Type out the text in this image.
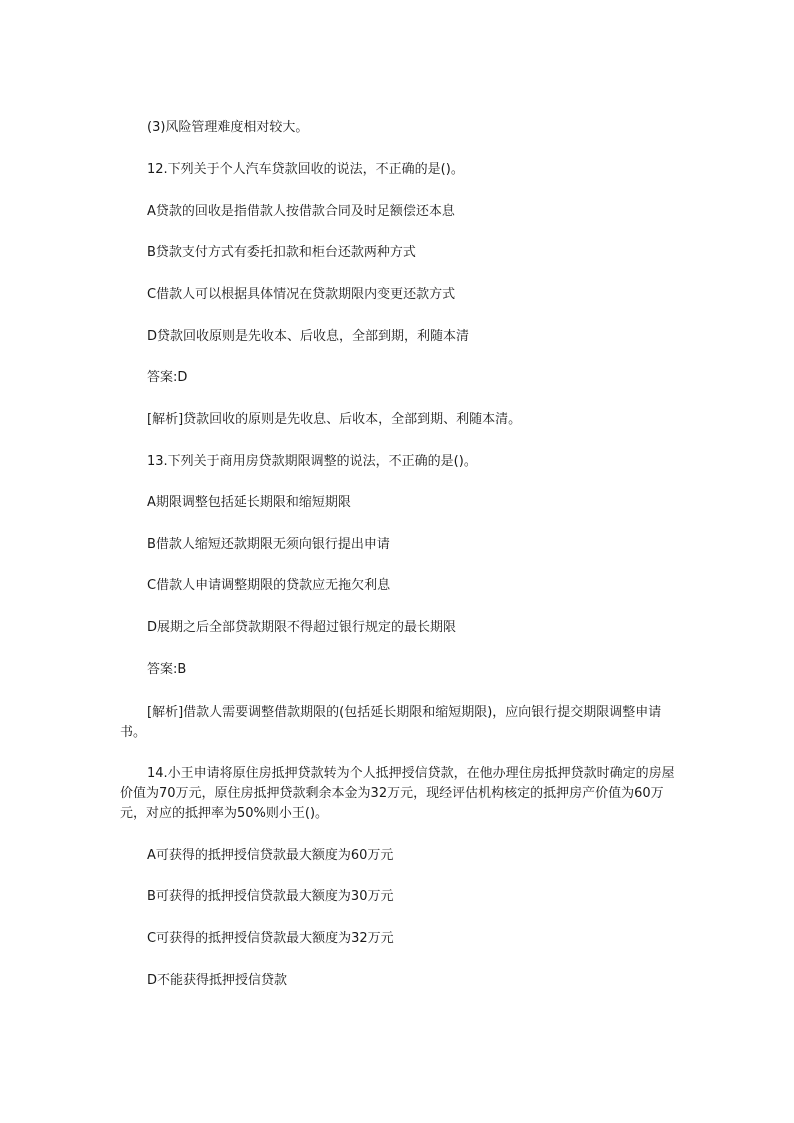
(3)风险管理难度相对较大。
12.下列关于个人汽车贷款回收的说法，不正确的是()。
A贷款的回收是指借款人按借款合同及时足额偿还本息
B贷款支付方式有委托扣款和柜台还款两种方式
C借款人可以根据具体情况在贷款期限内变更还款方式
D贷款回收原则是先收本、后收息，全部到期，利随本清
答案:D
[解析]贷款回收的原则是先收息、后收本，全部到期、利随本清。
13.下列关于商用房贷款期限调整的说法，不正确的是()。
A期限调整包括延长期限和缩短期限
B借款人缩短还款期限无须向银行提出申请
C借款人申请调整期限的贷款应无拖欠利息
D展期之后全部贷款期限不得超过银行规定的最长期限
答案:B
[解析]借款人需要调整借款期限的(包括延长期限和缩短期限)，应向银行提交期限调整申请书。
14.小王申请将原住房抵押贷款转为个人抵押授信贷款，在他办理住房抵押贷款时确定的房屋价值为70万元，原住房抵押贷款剩余本金为32万元，现经评估机构核定的抵押房产价值为60万元，对应的抵押率为50%则小王()。
A可获得的抵押授信贷款最大额度为60万元
B可获得的抵押授信贷款最大额度为30万元
C可获得的抵押授信贷款最大额度为32万元
D不能获得抵押授信贷款
